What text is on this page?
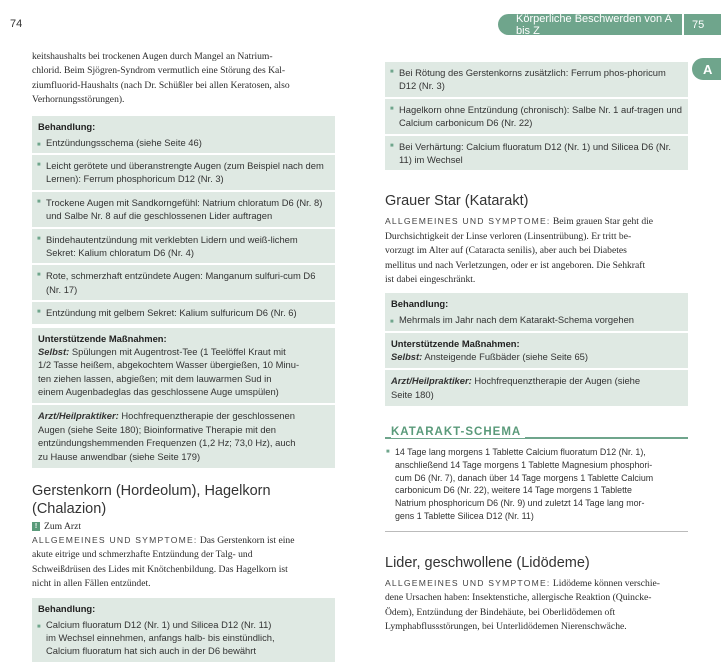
74	Körperliche Beschwerden von A bis Z	75
A
keitshaushalts bei trockenen Augen durch Mangel an Natrium-
chlorid. Beim Sjögren-Syndrom vermutlich eine Störung des Kal-
ziumfluorid-Haushalts (nach Dr. Schüßler bei allen Keratosen, also
Verhornungsstörungen).
Behandlung:
■ Entzündungsschema (siehe Seite 46)
■ Leicht gerötete und überanstrengte Augen (zum Beispiel nach dem Lernen): Ferrum phosphoricum D12 (Nr. 3)
■ Trockene Augen mit Sandkorngefühl: Natrium chloratum D6 (Nr. 8) und Salbe Nr. 8 auf die geschlossenen Lider auftragen
■ Bindehautentzündung mit verklebten Lidern und weiß-lichem Sekret: Kalium chloratum D6 (Nr. 4)
■ Rote, schmerzhaft entzündete Augen: Manganum sulfuri-cum D6 (Nr. 17)
■ Entzündung mit gelbem Sekret: Kalium sulfuricum D6 (Nr. 6)
Unterstützende Maßnahmen:
Selbst: Spülungen mit Augentrost-Tee (1 Teelöffel Kraut mit
1/2 Tasse heißem, abgekochtem Wasser übergießen, 10 Minu-
ten ziehen lassen, abgießen; mit dem lauwarmen Sud in
einem Augenbadeglas das geschlossene Auge umspülen)
Arzt/Heilpraktiker: Hochfrequenztherapie der geschlossenen
Augen (siehe Seite 180); Bioinformative Therapie mit den
entzündungshemmenden Frequenzen (1,2 Hz; 73,0 Hz), auch
zu Hause anwendbar (siehe Seite 179)
Gerstenkorn (Hordeolum), Hagelkorn (Chalazion)
! Zum Arzt
ALLGEMEINES UND SYMPTOME: Das Gerstenkorn ist eine
akute eitrige und schmerzhafte Entzündung der Talg- und
Schweißdrüsen des Lides mit Knötchenbildung. Das Hagelkorn ist
nicht in allen Fällen entzündet.
Behandlung:
■ Calcium fluoratum D12 (Nr. 1) und Silicea D12 (Nr. 11)
im Wechsel einnehmen, anfangs halb- bis einstündlich,
Calcium fluoratum hat sich auch in der D6 bewährt
■ Bei Rötung des Gerstenkorns zusätzlich: Ferrum phos-phoricum D12 (Nr. 3)
■ Hagelkorn ohne Entzündung (chronisch): Salbe Nr. 1 auf-tragen und Calcium carbonicum D6 (Nr. 22)
■ Bei Verhärtung: Calcium fluoratum D12 (Nr. 1) und Silicea D6 (Nr. 11) im Wechsel
Grauer Star (Katarakt)
ALLGEMEINES UND SYMPTOME: Beim grauen Star geht die
Durchsichtigkeit der Linse verloren (Linsentrübung). Er tritt be-
vorzugt im Alter auf (Cataracta senilis), aber auch bei Diabetes
mellitus und nach Verletzungen, oder er ist angeboren. Die Sehkraft
ist dabei eingeschränkt.
Behandlung:
■ Mehrmals im Jahr nach dem Katarakt-Schema vorgehen
Unterstützende Maßnahmen:
Selbst: Ansteigende Fußbäder (siehe Seite 65)
Arzt/Heilpraktiker: Hochfrequenztherapie der Augen (siehe
Seite 180)
KATARAKT-SCHEMA
■ 14 Tage lang morgens 1 Tablette Calcium fluoratum D12 (Nr. 1),
anschließend 14 Tage morgens 1 Tablette Magnesium phosphori-
cum D6 (Nr. 7), danach über 14 Tage morgens 1 Tablette Calcium
carbonicum D6 (Nr. 22), weitere 14 Tage morgens 1 Tablette
Natrium phosphoricum D6 (Nr. 9) und zuletzt 14 Tage lang mor-
gens 1 Tablette Silicea D12 (Nr. 11)
Lider, geschwollene (Lidödeme)
ALLGEMEINES UND SYMPTOME: Lidödeme können verschie-
dene Ursachen haben: Insektenstiche, allergische Reaktion (Quincke-
Ödem), Entzündung der Bindehäute, bei Oberlidödemen oft
Lymphabflussstörungen, bei Unterlidödemen Nierenschwäche.
